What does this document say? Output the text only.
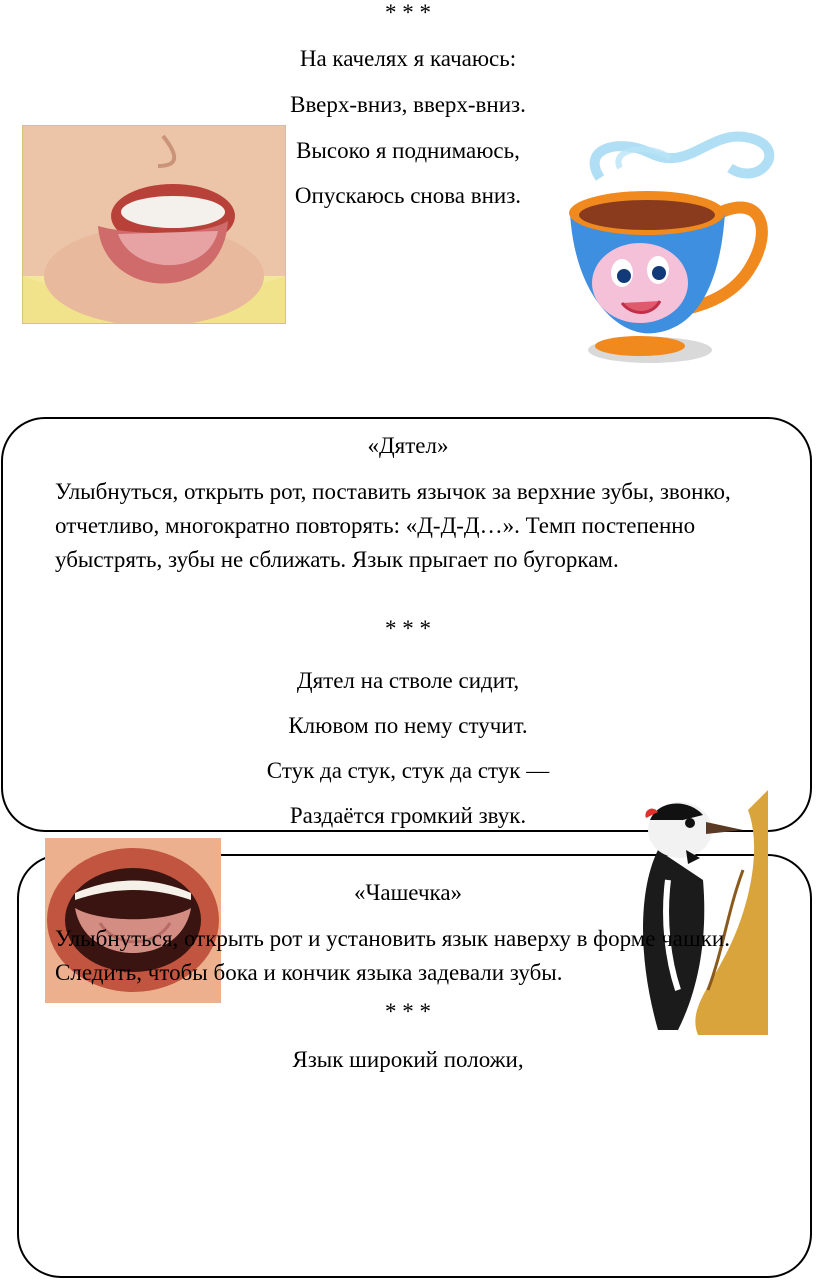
* * *
На качелях я качаюсь:
Вверх-вниз, вверх-вниз.
Высоко я поднимаюсь,
Опускаюсь снова вниз.
«Дятел»
Улыбнуться, открыть рот, поставить язычок за верхние зубы, звонко, отчетливо, многократно повторять: «Д-Д-Д…». Темп постепенно убыстрять, зубы не сближать. Язык прыгает по бугоркам.
* * *
Дятел на стволе сидит,
Клювом по нему стучит.
Стук да стук, стук да стук —
Раздаётся громкий звук.
«Чашечка»
Улыбнуться, открыть рот и установить язык наверху в форме чашки. Следить, чтобы бока и кончик языка задевали зубы.
* * *
Язык широкий положи,
